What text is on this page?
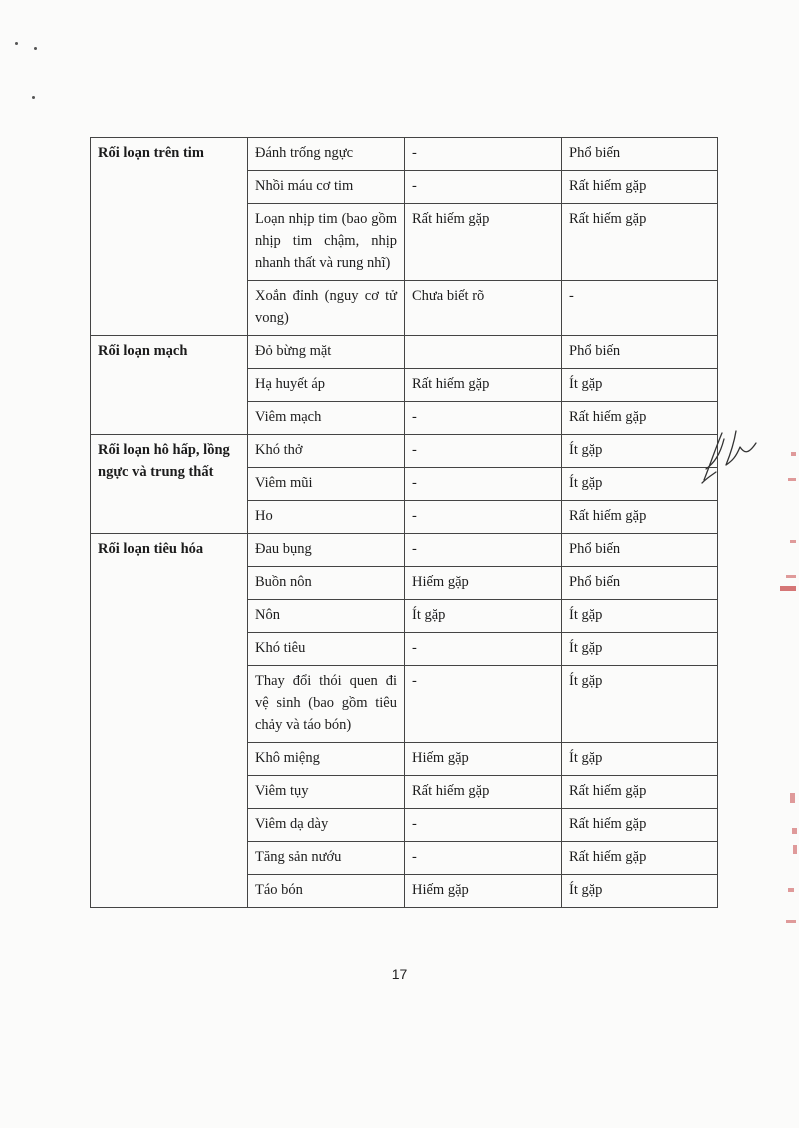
Rối loạn trên tim	Đánh trống ngực	-	Phổ biến
	Nhồi máu cơ tim	-	Rất hiếm gặp
	Loạn nhịp tim (bao gồm nhịp tim chậm, nhịp nhanh thất và rung nhĩ)	Rất hiếm gặp	Rất hiếm gặp
	Xoắn đỉnh (nguy cơ tử vong)	Chưa biết rõ	-
Rối loạn mạch	Đỏ bừng mặt		Phổ biến
	Hạ huyết áp	Rất hiếm gặp	Ít gặp
	Viêm mạch	-	Rất hiếm gặp
Rối loạn hô hấp, lồng ngực và trung thất	Khó thở	-	Ít gặp
	Viêm mũi	-	Ít gặp
	Ho	-	Rất hiếm gặp
Rối loạn tiêu hóa	Đau bụng	-	Phổ biến
	Buồn nôn	Hiếm gặp	Phổ biến
	Nôn	Ít gặp	Ít gặp
	Khó tiêu	-	Ít gặp
	Thay đổi thói quen đi vệ sinh (bao gồm tiêu chảy và táo bón)	-	Ít gặp
	Khô miệng	Hiếm gặp	Ít gặp
	Viêm tụy	Rất hiếm gặp	Rất hiếm gặp
	Viêm dạ dày	-	Rất hiếm gặp
	Tăng sản nướu	-	Rất hiếm gặp
	Táo bón	Hiếm gặp	Ít gặp
17
